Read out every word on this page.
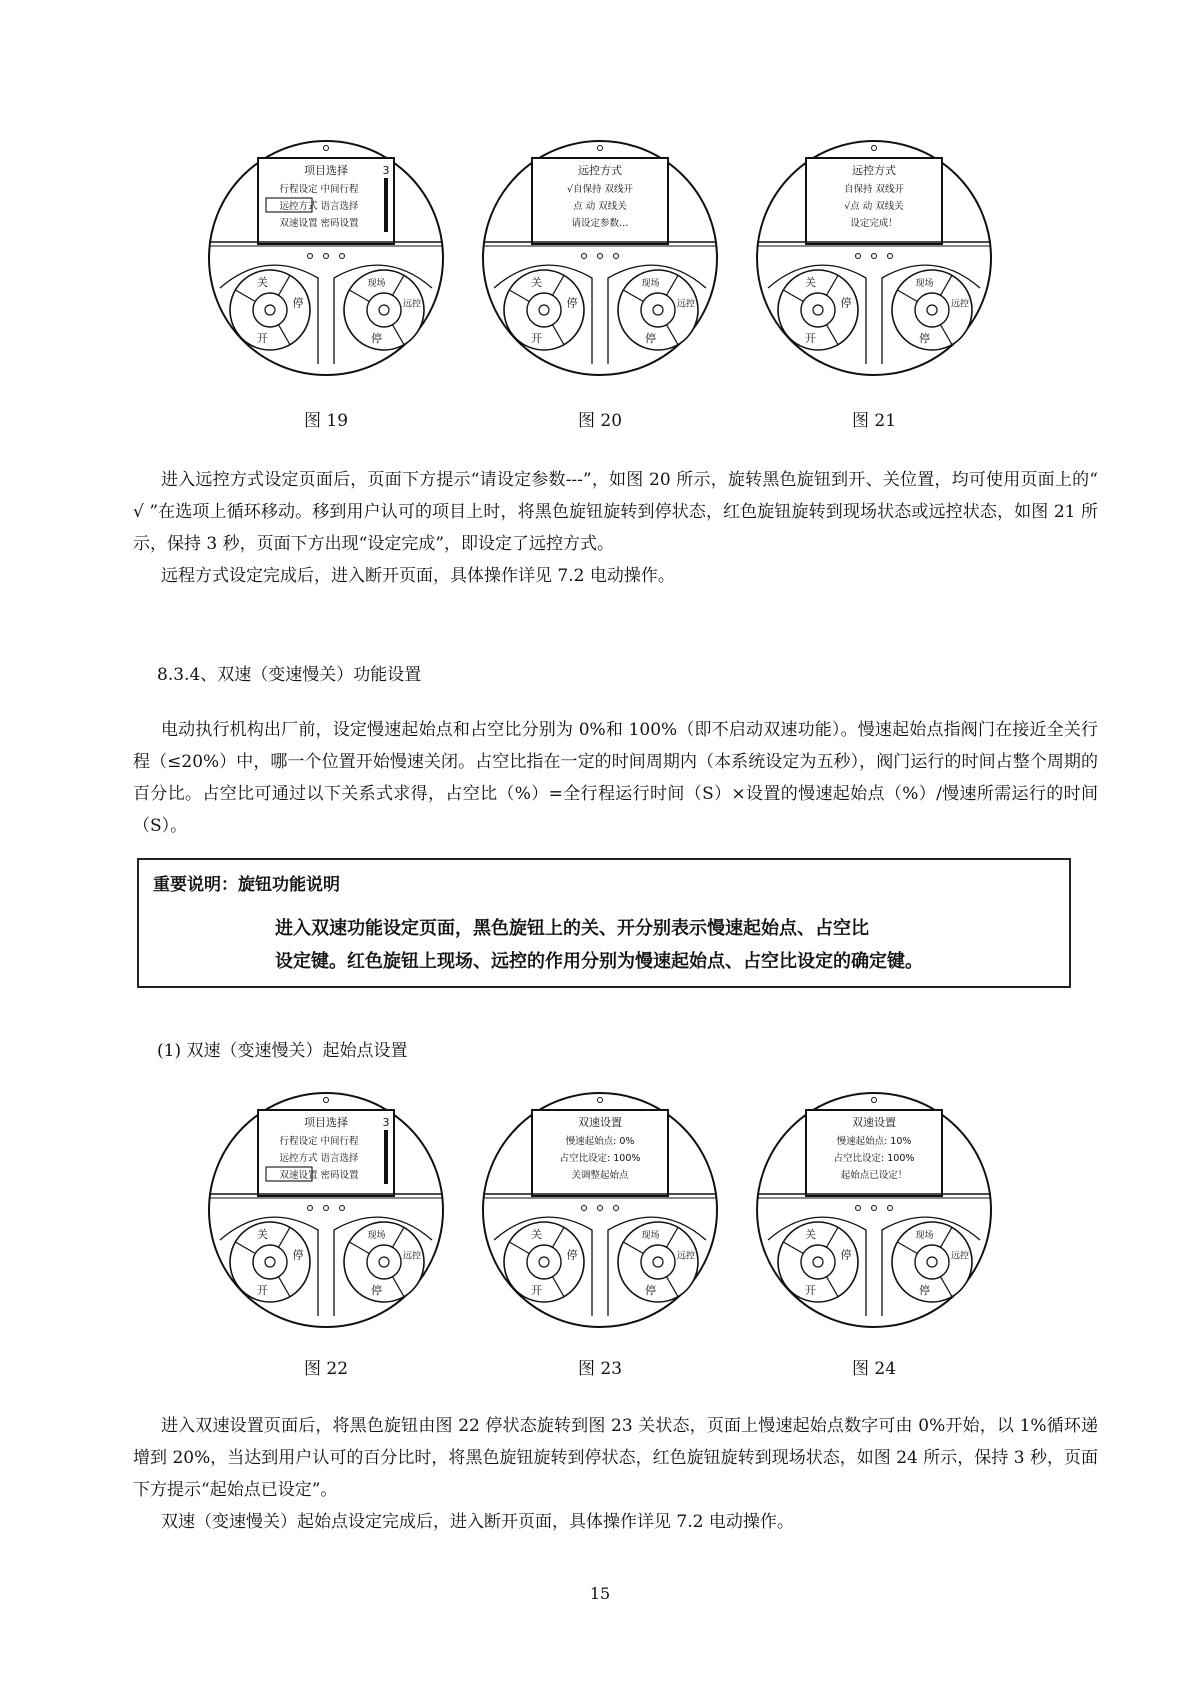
项目选择	3
行程设定 中间行程
远控方式 语言选择
双速设置 密码设置
关
停
开
现场
远控
停
远控方式
√自保持 双线开
点 动 双线关
请设定参数…
关
停
开
现场
远控
停
远控方式
自保持 双线开
√点 动 双线关
设定完成！
关
停
开
现场
远控
停
图 19	图 20	图 21

进入远控方式设定页面后，页面下方提示“请设定参数---”，如图 20 所示，旋转黑色旋钮到开、关位置，均可使用页面上的“ √ ”在选项上循环移动。移到用户认可的项目上时，将黑色旋钮旋转到停状态，红色旋钮旋转到现场状态或远控状态，如图 21 所示，保持 3 秒，页面下方出现“设定完成”，即设定了远控方式。

远程方式设定完成后，进入断开页面，具体操作详见 7.2 电动操作。

8.3.4、双速（变速慢关）功能设置

电动执行机构出厂前，设定慢速起始点和占空比分别为 0%和 100%（即不启动双速功能）。慢速起始点指阀门在接近全关行程（≤20%）中，哪一个位置开始慢速关闭。占空比指在一定的时间周期内（本系统设定为五秒），阀门运行的时间占整个周期的百分比。占空比可通过以下关系式求得，占空比（%）=全行程运行时间（S）×设置的慢速起始点（%）/慢速所需运行的时间（S）。

重要说明：旋钮功能说明
进入双速功能设定页面，黑色旋钮上的关、开分别表示慢速起始点、占空比
设定键。红色旋钮上现场、远控的作用分别为慢速起始点、占空比设定的确定键。
(1) 双速（变速慢关）起始点设置
项目选择	3
行程设定 中间行程
远控方式 语言选择
双速设置 密码设置
关
停
开
现场
远控
停
双速设置
慢速起始点: 0%
占空比设定: 100%
关调整起始点
关
停
开
现场
远控
停
双速设置
慢速起始点: 10%
占空比设定: 100%
起始点已设定！
关
停
开
现场
远控
停
图 22	图 23	图 24

进入双速设置页面后，将黑色旋钮由图 22 停状态旋转到图 23 关状态，页面上慢速起始点数字可由 0%开始，以 1%循环递增到 20%，当达到用户认可的百分比时，将黑色旋钮旋转到停状态，红色旋钮旋转到现场状态，如图 24 所示，保持 3 秒，页面下方提示“起始点已设定”。

双速（变速慢关）起始点设定完成后，进入断开页面，具体操作详见 7.2 电动操作。

15
